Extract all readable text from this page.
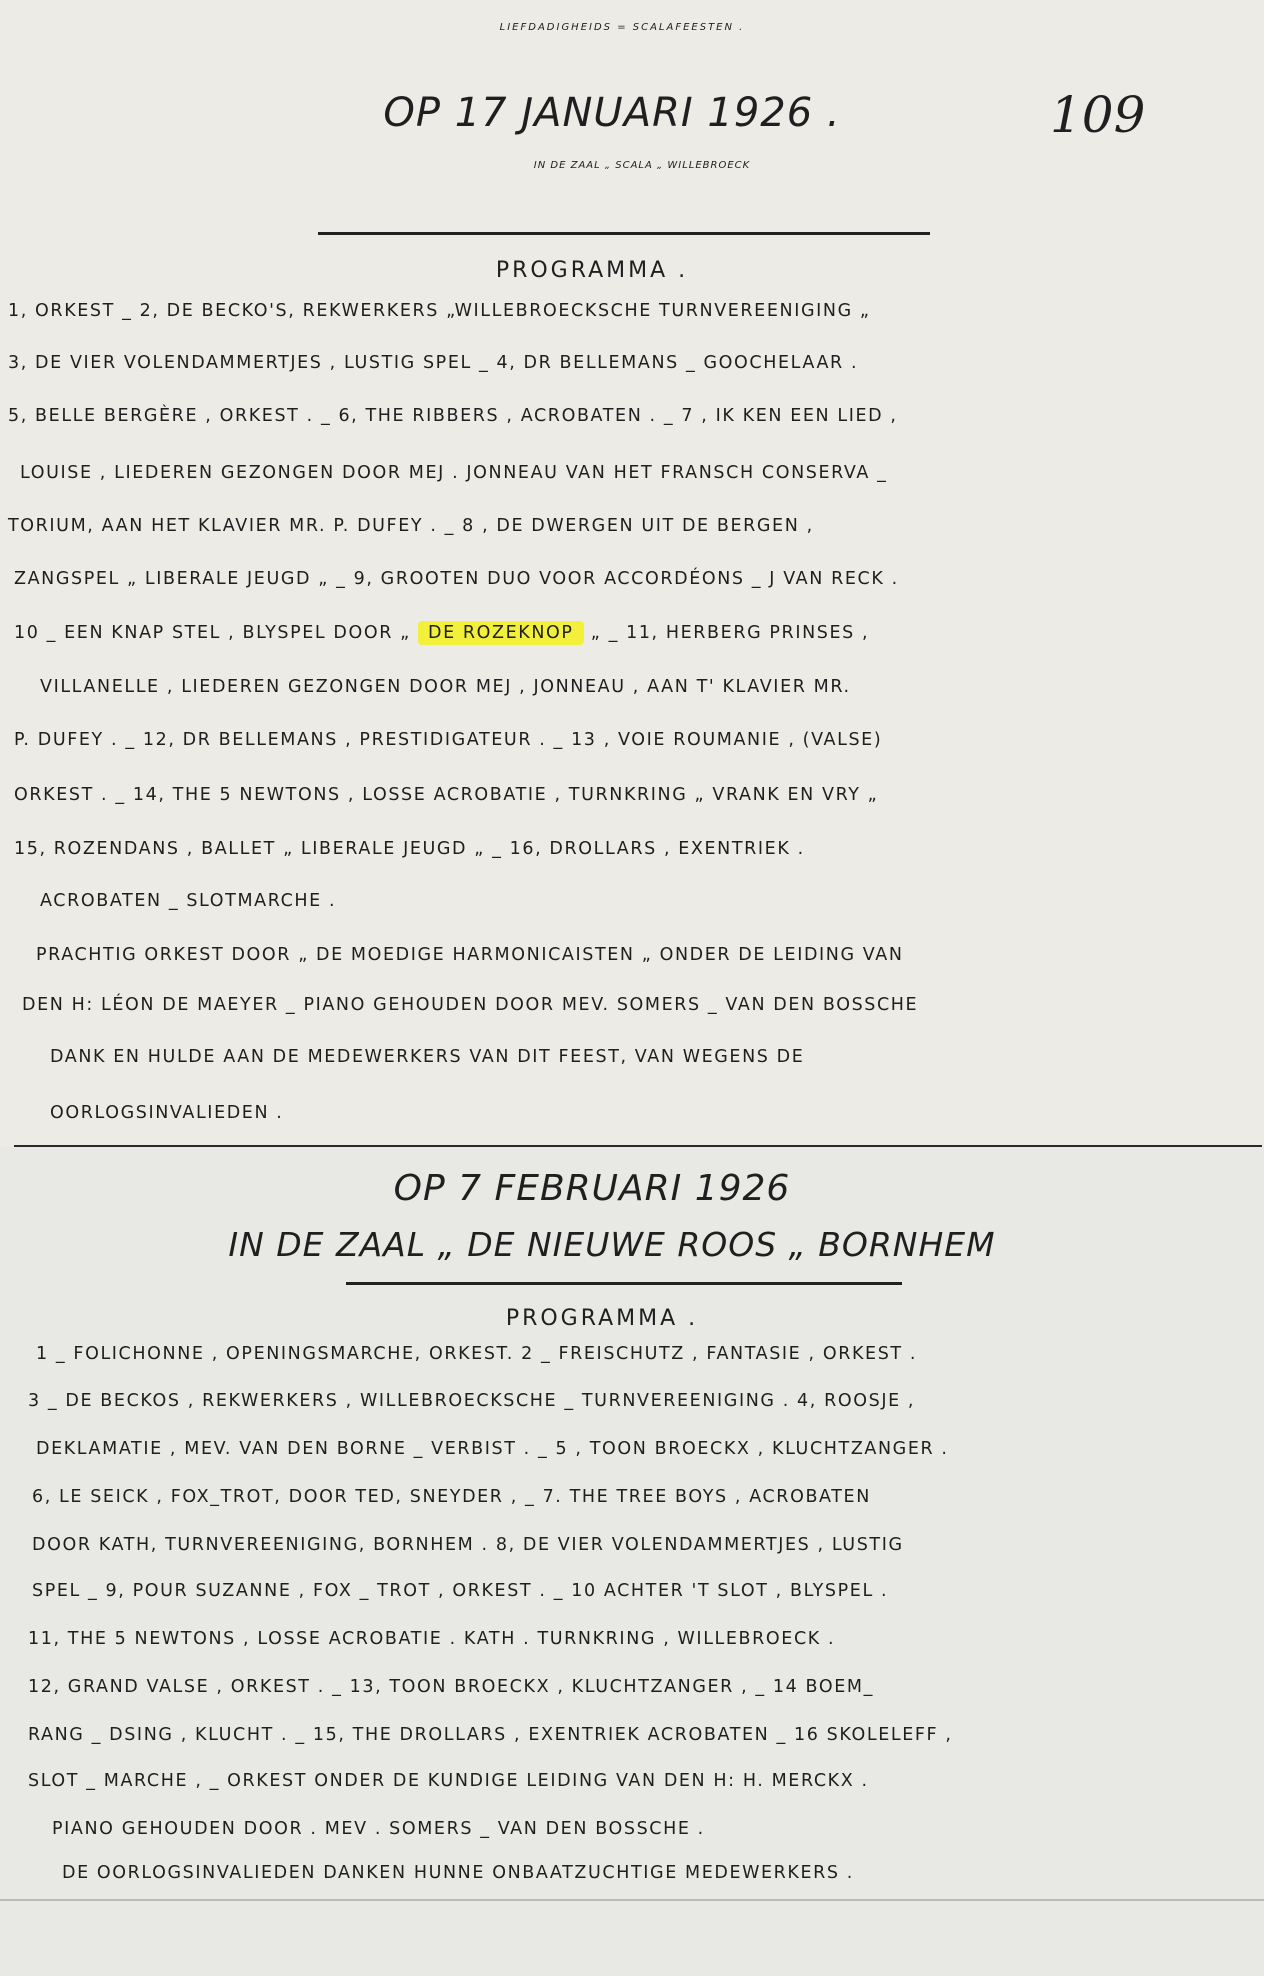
LIEFDADIGHEIDS = SCALAFEESTEN .
OP 17 JANUARI 1926 .	109
IN DE ZAAL „ SCALA „ WILLEBROECK
PROGRAMMA .
1, ORKEST _ 2, DE BECKO'S, REKWERKERS „WILLEBROECKSCHE TURNVEREENIGING „
3, DE VIER VOLENDAMMERTJES , LUSTIG SPEL _ 4, DR BELLEMANS _ GOOCHELAAR .
5, BELLE BERGÈRE , ORKEST . _ 6, THE RIBBERS , ACROBATEN . _ 7 , IK KEN EEN LIED ,
LOUISE , LIEDEREN GEZONGEN DOOR MEJ . JONNEAU VAN HET FRANSCH CONSERVA _
TORIUM, AAN HET KLAVIER MR. P. DUFEY . _ 8 , DE DWERGEN UIT DE BERGEN ,
ZANGSPEL „ LIBERALE JEUGD „ _ 9, GROOTEN DUO VOOR ACCORDÉONS _ J VAN RECK .
10 _ EEN KNAP STEL , BLYSPEL DOOR „ DE ROZEKNOP „ _ 11, HERBERG PRINSES ,
VILLANELLE , LIEDEREN GEZONGEN DOOR MEJ , JONNEAU , AAN T' KLAVIER MR.
P. DUFEY . _ 12, DR BELLEMANS , PRESTIDIGATEUR . _ 13 , VOIE ROUMANIE , (VALSE)
ORKEST . _ 14, THE 5 NEWTONS , LOSSE ACROBATIE , TURNKRING „ VRANK EN VRY „
15, ROZENDANS , BALLET „ LIBERALE JEUGD „ _ 16, DROLLARS , EXENTRIEK .
ACROBATEN _ SLOTMARCHE .
PRACHTIG ORKEST DOOR „ DE MOEDIGE HARMONICAISTEN „ ONDER DE LEIDING VAN
DEN H: LÉON DE MAEYER _ PIANO GEHOUDEN DOOR MEV. SOMERS _ VAN DEN BOSSCHE
DANK EN HULDE AAN DE MEDEWERKERS VAN DIT FEEST, VAN WEGENS DE
OORLOGSINVALIEDEN .
OP 7 FEBRUARI 1926
IN DE ZAAL „ DE NIEUWE ROOS „ BORNHEM
PROGRAMMA .
1 _ FOLICHONNE , OPENINGSMARCHE, ORKEST. 2 _ FREISCHUTZ , FANTASIE , ORKEST .
3 _ DE BECKOS , REKWERKERS , WILLEBROECKSCHE _ TURNVEREENIGING . 4, ROOSJE ,
DEKLAMATIE , MEV. VAN DEN BORNE _ VERBIST . _ 5 , TOON BROECKX , KLUCHTZANGER .
6, LE SEICK , FOX_TROT, DOOR TED, SNEYDER , _ 7. THE TREE BOYS , ACROBATEN
DOOR KATH, TURNVEREENIGING, BORNHEM . 8, DE VIER VOLENDAMMERTJES , LUSTIG
SPEL _ 9, POUR SUZANNE , FOX _ TROT , ORKEST . _ 10 ACHTER 'T SLOT , BLYSPEL .
11, THE 5 NEWTONS , LOSSE ACROBATIE . KATH . TURNKRING , WILLEBROECK .
12, GRAND VALSE , ORKEST . _ 13, TOON BROECKX , KLUCHTZANGER , _ 14 BOEM_
RANG _ DSING , KLUCHT . _ 15, THE DROLLARS , EXENTRIEK ACROBATEN _ 16 SKOLELEFF ,
SLOT _ MARCHE , _ ORKEST ONDER DE KUNDIGE LEIDING VAN DEN H: H. MERCKX .
PIANO GEHOUDEN DOOR . MEV . SOMERS _ VAN DEN BOSSCHE .
DE OORLOGSINVALIEDEN DANKEN HUNNE ONBAATZUCHTIGE MEDEWERKERS .
